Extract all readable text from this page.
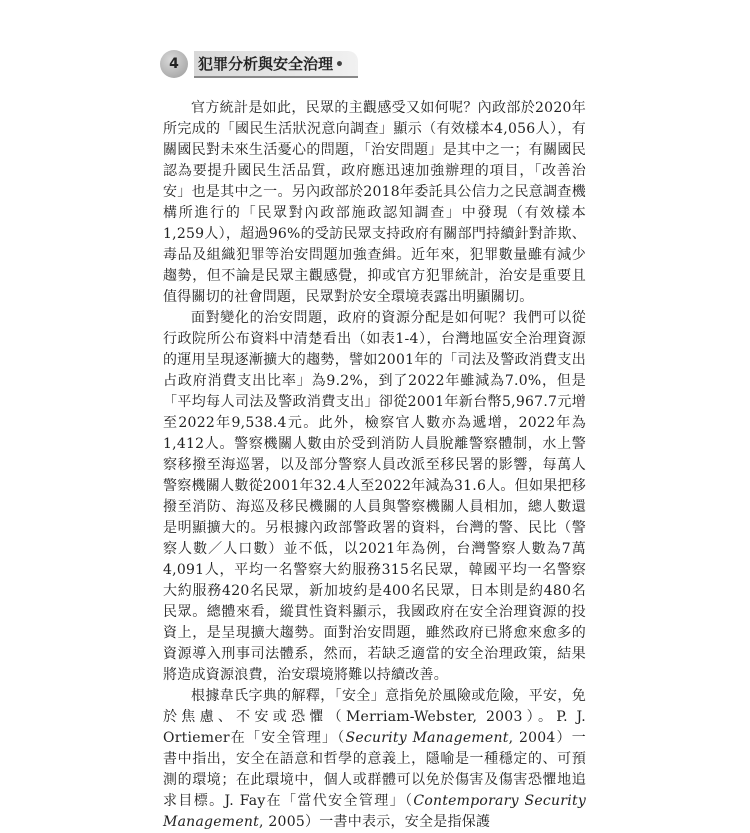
4	犯罪分析與安全治理 •

官方統計是如此，民眾的主觀感受又如何呢？內政部於2020年所完成的「國民生活狀況意向調查」顯示（有效樣本4,056人），有關國民對未來生活憂心的問題，「治安問題」是其中之一；有關國民認為要提升國民生活品質，政府應迅速加強辦理的項目，「改善治安」也是其中之一。另內政部於2018年委託具公信力之民意調查機構所進行的「民眾對內政部施政認知調查」中發現（有效樣本1,259人），超過96%的受訪民眾支持政府有關部門持續針對詐欺、毒品及組織犯罪等治安問題加強查緝。近年來，犯罪數量雖有減少趨勢，但不論是民眾主觀感覺，抑或官方犯罪統計，治安是重要且值得關切的社會問題，民眾對於安全環境表露出明顯關切。

面對變化的治安問題，政府的資源分配是如何呢？我們可以從行政院所公布資料中清楚看出（如表1-4），台灣地區安全治理資源的運用呈現逐漸擴大的趨勢，譬如2001年的「司法及警政消費支出占政府消費支出比率」為9.2%，到了2022年雖減為7.0%，但是「平均每人司法及警政消費支出」卻從2001年新台幣5,967.7元增至2022年9,538.4元。此外，檢察官人數亦為遞增，2022年為1,412人。警察機關人數由於受到消防人員脫離警察體制，水上警察移撥至海巡署，以及部分警察人員改派至移民署的影響，每萬人警察機關人數從2001年32.4人至2022年減為31.6人。但如果把移撥至消防、海巡及移民機關的人員與警察機關人員相加，總人數還是明顯擴大的。另根據內政部警政署的資料，台灣的警、民比（警察人數／人口數）並不低，以2021年為例，台灣警察人數為7萬4,091人，平均一名警察大約服務315名民眾，韓國平均一名警察大約服務420名民眾，新加坡約是400名民眾，日本則是約480名民眾。總體來看，縱貫性資料顯示，我國政府在安全治理資源的投資上，是呈現擴大趨勢。面對治安問題，雖然政府已將愈來愈多的資源導入刑事司法體系，然而，若缺乏適當的安全治理政策，結果將造成資源浪費，治安環境將難以持續改善。

根據韋氏字典的解釋，「安全」意指免於風險或危險，平安，免於焦慮、不安或恐懼（Merriam-Webster, 2003）。P. J. Ortiemer在「安全管理」（Security Management, 2004）一書中指出，安全在語意和哲學的意義上，隱喻是一種穩定的、可預測的環境；在此環境中，個人或群體可以免於傷害及傷害恐懼地追求目標。J. Fay在「當代安全管理」（Contemporary Security Management, 2005）一書中表示，安全是指保護
